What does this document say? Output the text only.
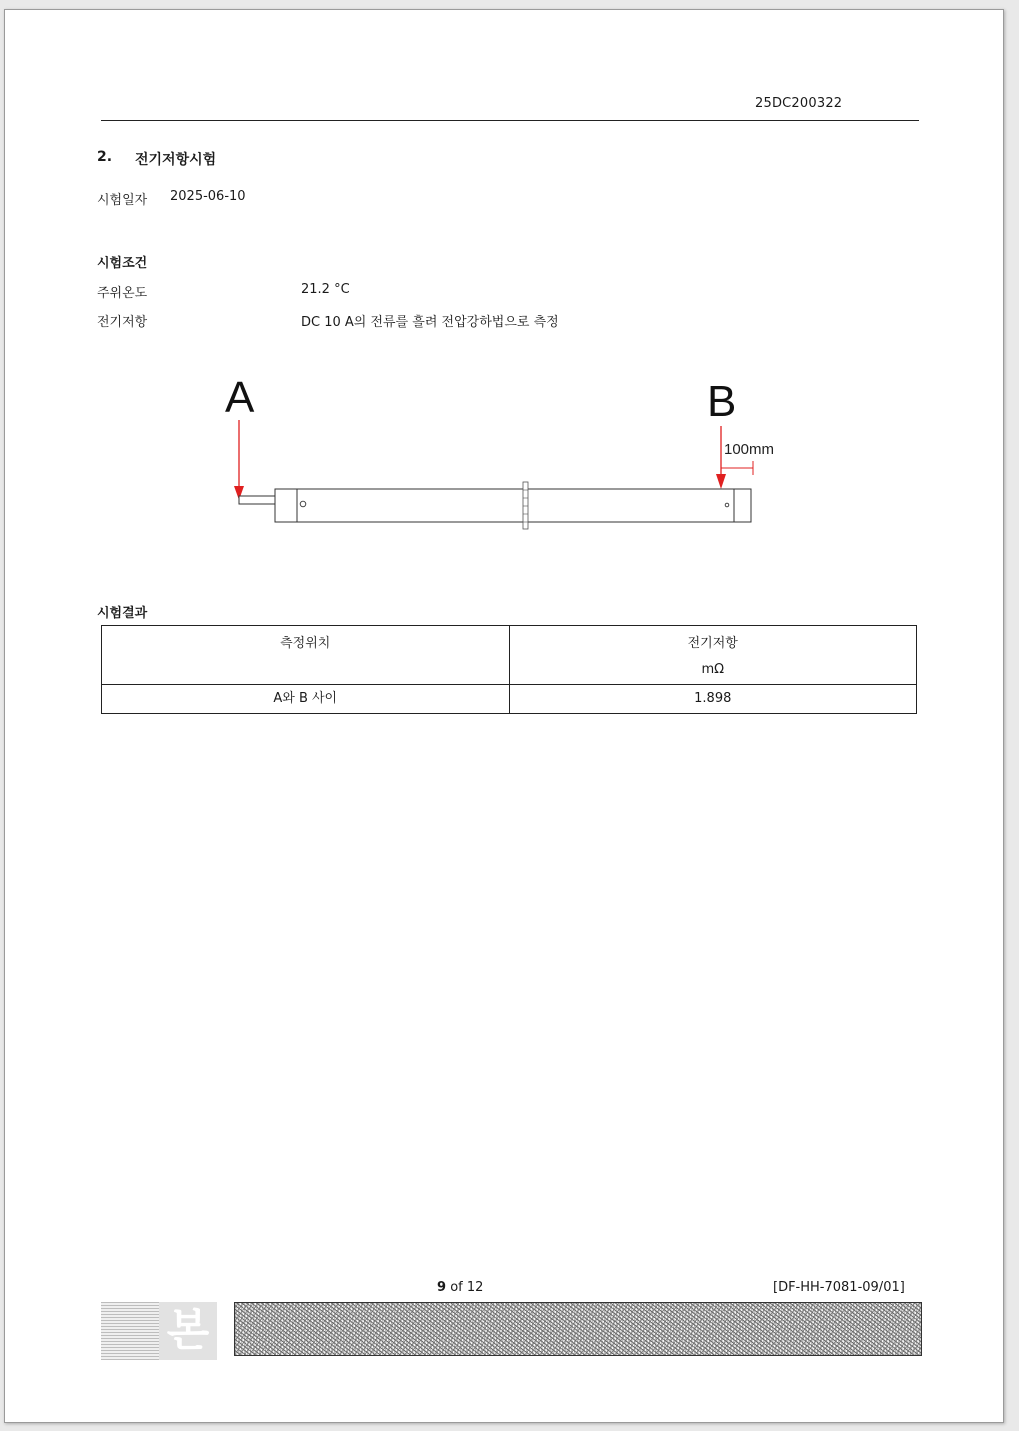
25DC200322
2. 전기저항시험
시험일자 2025-06-10
시험조건
주위온도	21.2 °C
전기저항	DC 10 A의 전류를 흘려 전압강하법으로 측정
A	B
100mm
시험결과
측정위치	전기저항
mΩ

A와 B 사이	1.898
9 of 12	[DF-HH-7081-09/01]
본
